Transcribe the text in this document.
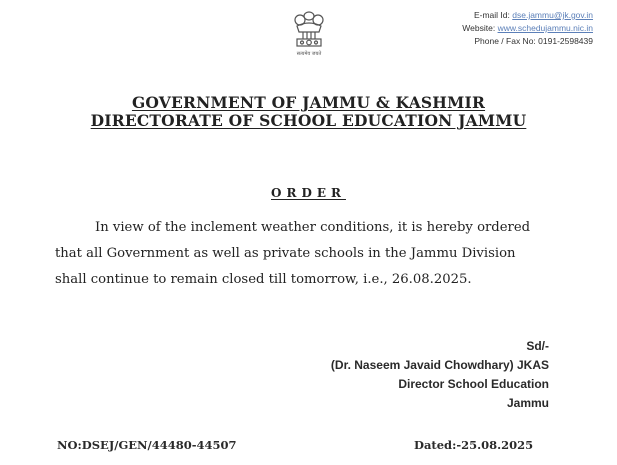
सत्यमेव जयते
E-mail Id: dse.jammu@jk.gov.in
Website: www.schedujammu.nic.in
Phone / Fax No: 0191-2598439
GOVERNMENT OF JAMMU & KASHMIR
DIRECTORATE OF SCHOOL EDUCATION JAMMU
ORDER
In view of the inclement weather conditions, it is hereby ordered
that all Government as well as private schools in the Jammu Division
shall continue to remain closed till tomorrow, i.e., 26.08.2025.
Sd/-
(Dr. Naseem Javaid Chowdhary) JKAS
Director School Education
Jammu
NO:DSEJ/GEN/44480-44507	Dated:-25.08.2025
